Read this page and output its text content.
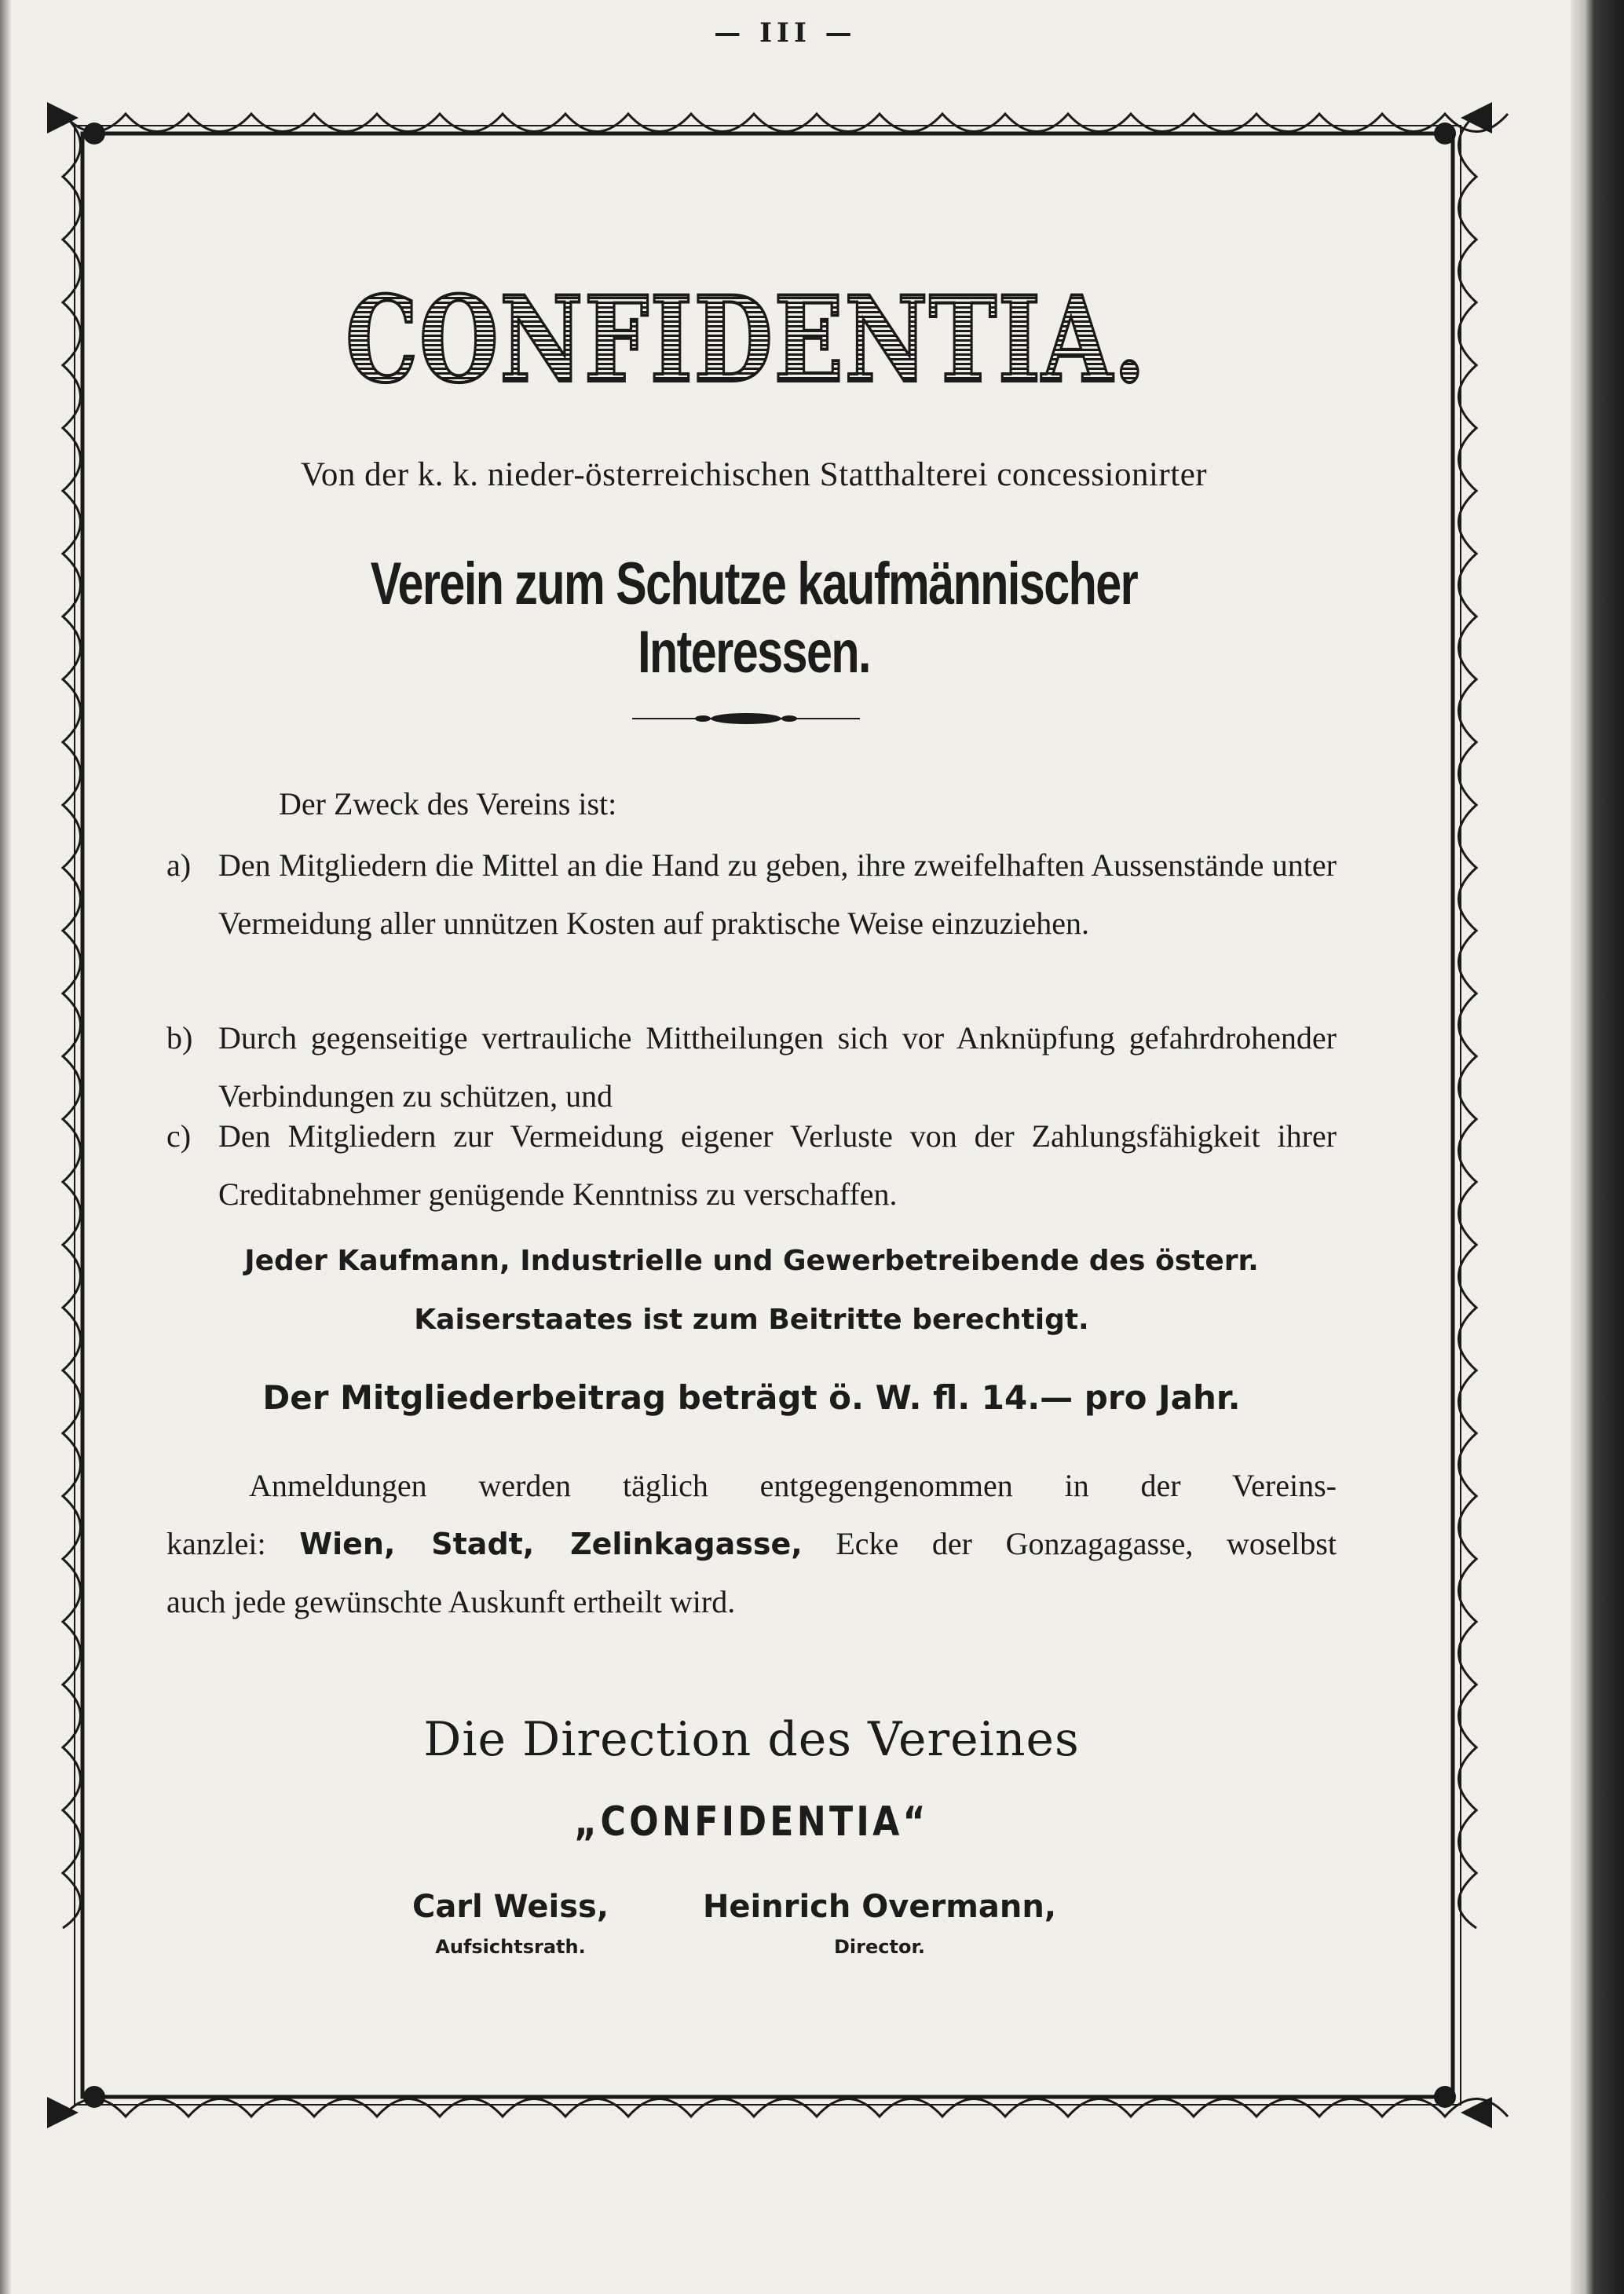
— III —
CONFIDENTIA.
Von der k. k. nieder-österreichischen Statthalterei concessionirter
Verein zum Schutze kaufmännischer Interessen.
Der Zweck des Vereins ist:
a) Den Mitgliedern die Mittel an die Hand zu geben, ihre zweifelhaften Aussenstände unter Vermeidung aller unnützen Kosten auf praktische Weise einzuziehen.
b) Durch gegenseitige vertrauliche Mittheilungen sich vor Anknüpfung gefahrdrohender Verbindungen zu schützen, und
c) Den Mitgliedern zur Vermeidung eigener Verluste von der Zahlungsfähigkeit ihrer Creditabnehmer genügende Kenntniss zu verschaffen.
Jeder Kaufmann, Industrielle und Gewerbetreibende des österr.
Kaiserstaates ist zum Beitritte berechtigt.
Der Mitgliederbeitrag beträgt ö. W. fl. 14.— pro Jahr.
Anmeldungen werden täglich entgegengenommen in der Vereins-
kanzlei: Wien, Stadt, Zelinkagasse, Ecke der Gonzagagasse, woselbst
auch jede gewünschte Auskunft ertheilt wird.
Die Direction des Vereines
„CONFIDENTIA“
Carl Weiss,
Aufsichtsrath.
Heinrich Overmann,
Director.
